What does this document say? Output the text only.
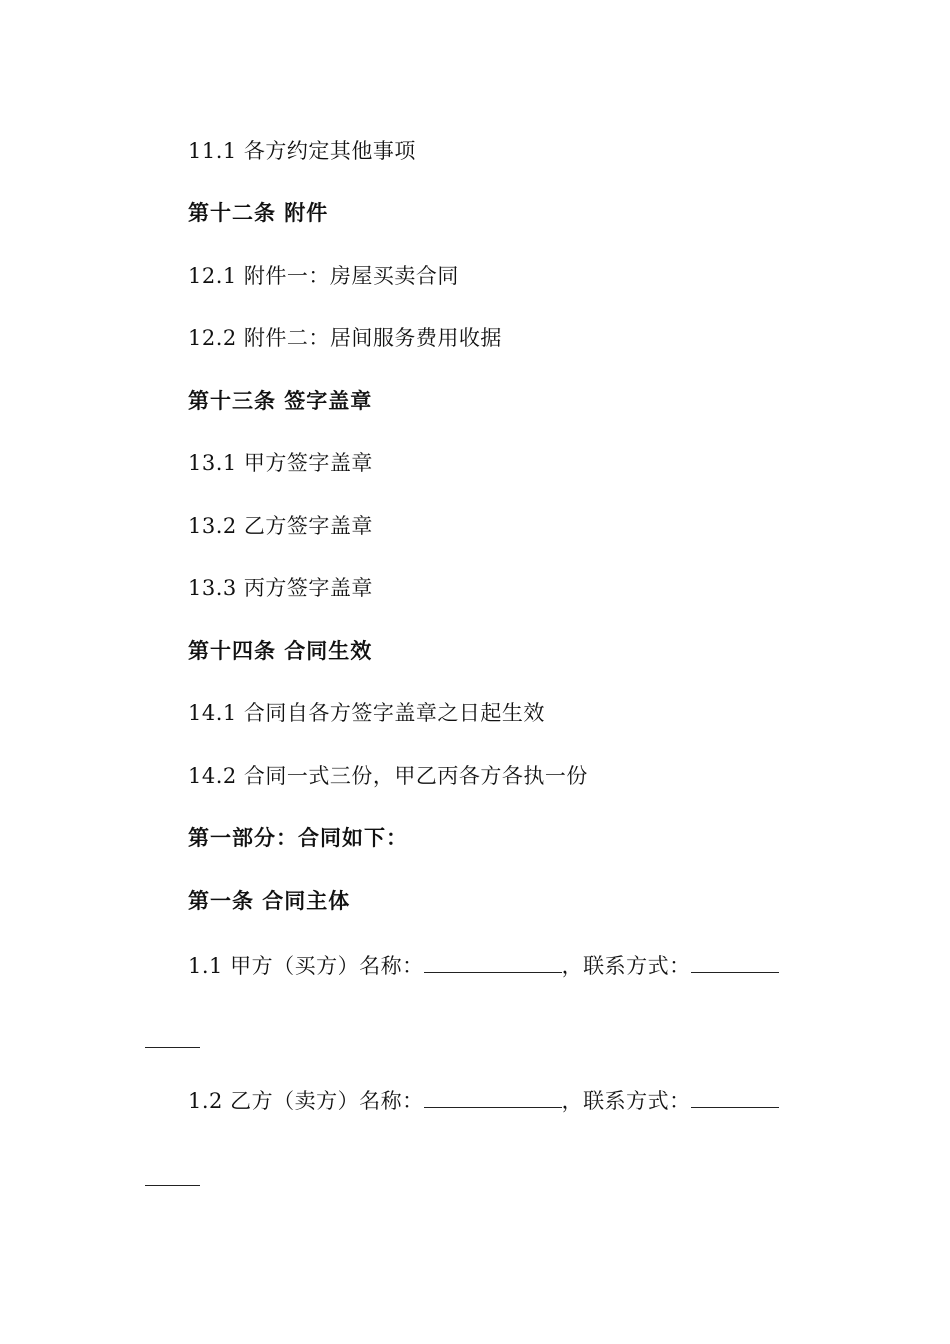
11.1 各方约定其他事项
第十二条 附件
12.1 附件一：房屋买卖合同
12.2 附件二：居间服务费用收据
第十三条 签字盖章
13.1 甲方签字盖章
13.2 乙方签字盖章
13.3 丙方签字盖章
第十四条 合同生效
14.1 合同自各方签字盖章之日起生效
14.2 合同一式三份，甲乙丙各方各执一份
第一部分：合同如下：
第一条 合同主体
1.1 甲方（买方）名称：	，联系方式：
1.2 乙方（卖方）名称：	，联系方式：
